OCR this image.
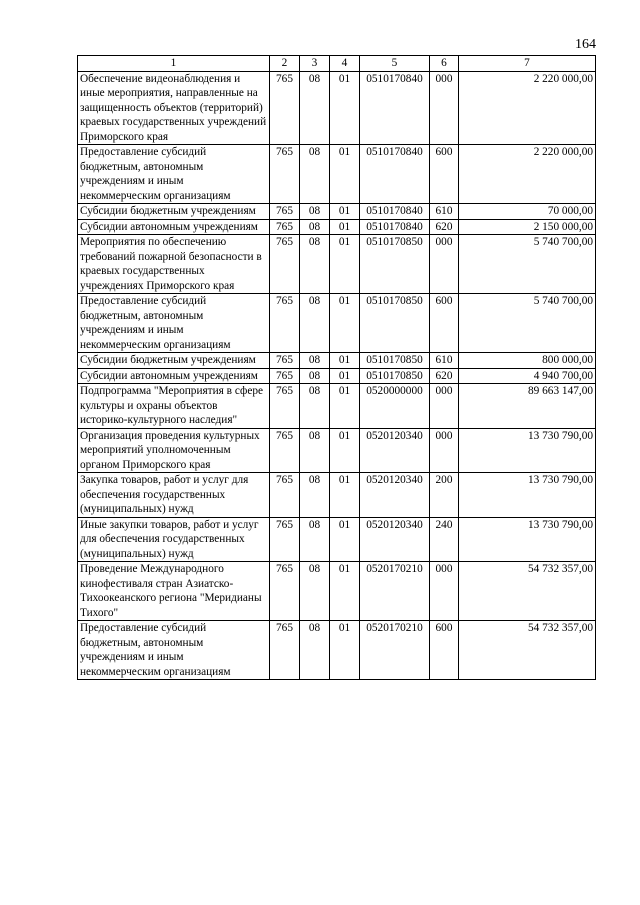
164
1	2	3	4	5	6	7
Обеспечение видеонаблюдения и иные мероприятия, направленные на защищенность объектов (территорий) краевых государственных учреждений Приморского края	765	08	01	0510170840	000	2 220 000,00
Предоставление субсидий бюджетным, автономным учреждениям и иным некоммерческим организациям	765	08	01	0510170840	600	2 220 000,00
Субсидии бюджетным учреждениям	765	08	01	0510170840	610	70 000,00
Субсидии автономным учреждениям	765	08	01	0510170840	620	2 150 000,00
Мероприятия по обеспечению требований пожарной безопасности в краевых государственных учреждениях Приморского края	765	08	01	0510170850	000	5 740 700,00
Предоставление субсидий бюджетным, автономным учреждениям и иным некоммерческим организациям	765	08	01	0510170850	600	5 740 700,00
Субсидии бюджетным учреждениям	765	08	01	0510170850	610	800 000,00
Субсидии автономным учреждениям	765	08	01	0510170850	620	4 940 700,00
Подпрограмма "Мероприятия в сфере культуры и охраны объектов историко-культурного наследия"	765	08	01	0520000000	000	89 663 147,00
Организация проведения культурных мероприятий уполномоченным органом Приморского края	765	08	01	0520120340	000	13 730 790,00
Закупка товаров, работ и услуг для обеспечения государственных (муниципальных) нужд	765	08	01	0520120340	200	13 730 790,00
Иные закупки товаров, работ и услуг для обеспечения государственных (муниципальных) нужд	765	08	01	0520120340	240	13 730 790,00
Проведение Международного кинофестиваля стран Азиатско-Тихоокеанского региона "Меридианы Тихого"	765	08	01	0520170210	000	54 732 357,00
Предоставление субсидий бюджетным, автономным учреждениям и иным некоммерческим организациям	765	08	01	0520170210	600	54 732 357,00
